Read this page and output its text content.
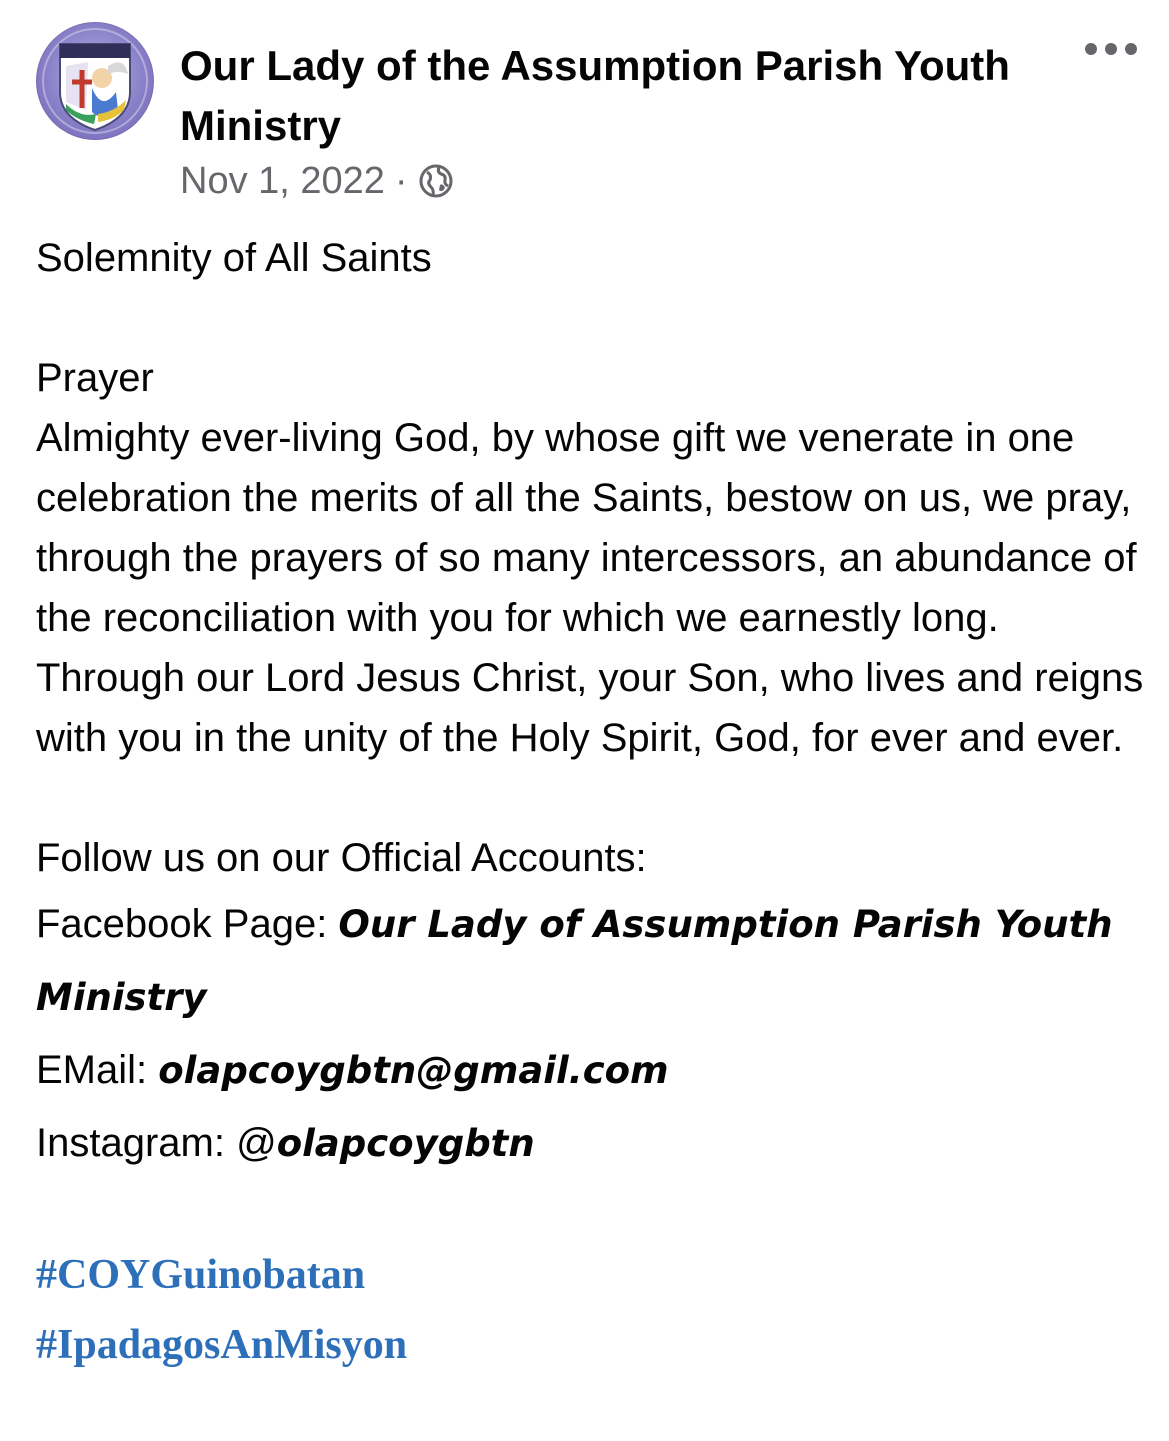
Our Lady of the Assumption Parish Youth Ministry
Nov 1, 2022 ·

Solemnity of All Saints

Prayer

Almighty ever-living God, by whose gift we venerate in one celebration the merits of all the Saints, bestow on us, we pray, through the prayers of so many intercessors, an abundance of the reconciliation with you for which we earnestly long. Through our Lord Jesus Christ, your Son, who lives and reigns with you in the unity of the Holy Spirit, God, for ever and ever.

Follow us on our Official Accounts:

Facebook Page: Our Lady of Assumption Parish Youth Ministry

EMail: olapcoygbtn@gmail.com

Instagram: @olapcoygbtn

#COYGuinobatan
#IpadagosAnMisyon
